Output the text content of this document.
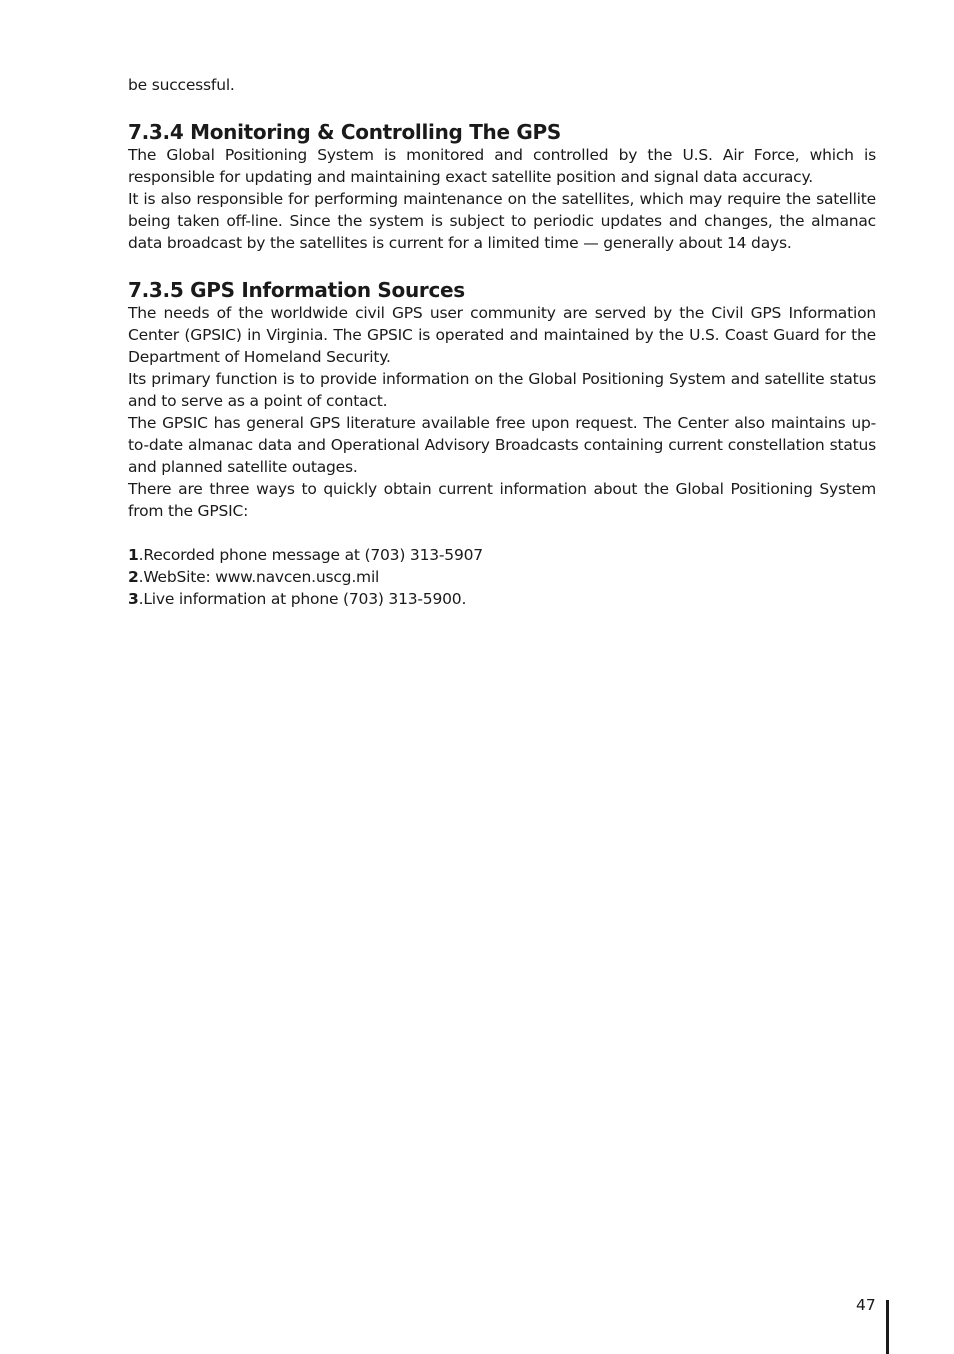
be successful.

7.3.4 Monitoring & Controlling The GPS

The Global Positioning System is monitored and controlled by the U.S. Air Force, which is responsible for updating and maintaining exact satellite position and signal data accuracy.

It is also responsible for performing maintenance on the satellites, which may require the satellite being taken off-line. Since the system is subject to periodic updates and changes, the almanac data broadcast by the satellites is current for a limited time — generally about 14 days.

7.3.5 GPS Information Sources

The needs of the worldwide civil GPS user community are served by the Civil GPS Information Center (GPSIC) in Virginia. The GPSIC is operated and maintained by the U.S. Coast Guard for the Department of Homeland Security.

Its primary function is to provide information on the Global Positioning System and satellite status and to serve as a point of contact.

The GPSIC has general GPS literature available free upon request. The Center also maintains up-to-date almanac data and Operational Advisory Broadcasts containing current constellation status and planned satellite outages.

There are three ways to quickly obtain current information about the Global Positioning System from the GPSIC:

1.Recorded phone message at (703) 313-5907
2.WebSite: www.navcen.uscg.mil
3.Live information at phone (703) 313-5900.
47
